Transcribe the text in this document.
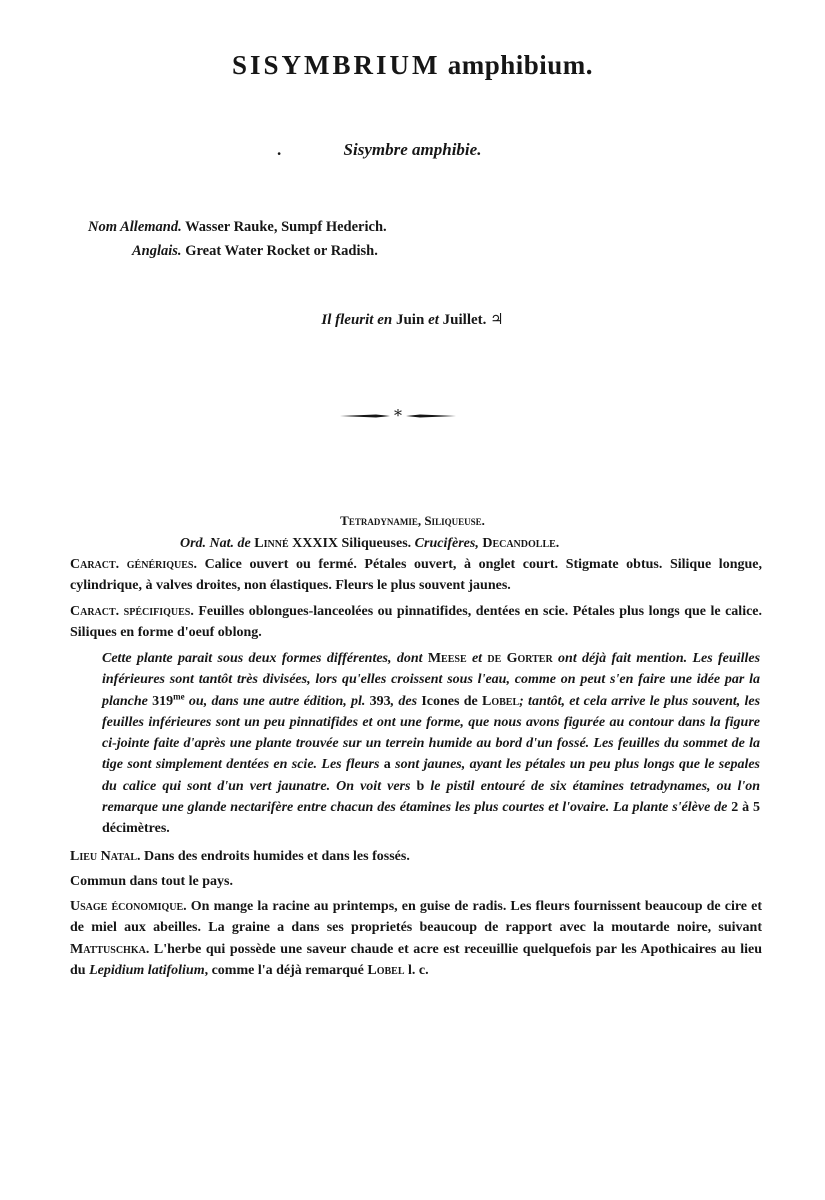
SISYMBRIUM amphibium.
.	Sisymbre amphibie.
Nom Allemand. Wasser Rauke, Sumpf Hederich.
Anglais. Great Water Rocket or Radish.
Il fleurit en Juin et Juillet. ♃
*
Tetradynamie, Siliqueuse.
Ord. Nat. de Linné XXXIX Siliqueuses. Crucifères, Decandolle.
Caract. génériques. Calice ouvert ou fermé. Pétales ouvert, à onglet court. Stigmate obtus. Silique longue, cylindrique, à valves droites, non élastiques. Fleurs le plus souvent jaunes.
Caract. spécifiques. Feuilles oblongues-lanceolées ou pinnatifides, dentées en scie. Pétales plus longs que le calice. Siliques en forme d'oeuf oblong.
Cette plante parait sous deux formes différentes, dont Meese et de Gorter ont déjà fait mention. Les feuilles inférieures sont tantôt très divisées, lors qu'elles croissent sous l'eau, comme on peut s'en faire une idée par la planche $319^{me}$ ou, dans une autre édition, pl. 393, des Icones de Lobel; tantôt, et cela arrive le plus souvent, les feuilles inférieures sont un peu pinnatifides et ont une forme, que nous avons figurée au contour dans la figure ci-jointe faite d'après une plante trouvée sur un terrein humide au bord d'un fossé. Les feuilles du sommet de la tige sont simplement dentées en scie. Les fleurs a sont jaunes, ayant les pétales un peu plus longs que le sepales du calice qui sont d'un vert jaunatre. On voit vers b le pistil entouré de six étamines tetradynames, ou l'on remarque une glande nectarifère entre chacun des étamines les plus courtes et l'ovaire. La plante s'élève de 2 à 5 décimètres.
Lieu Natal. Dans des endroits humides et dans les fossés.
Commun dans tout le pays.
Usage économique. On mange la racine au printemps, en guise de radis. Les fleurs fournissent beaucoup de cire et de miel aux abeilles. La graine a dans ses proprietés beaucoup de rapport avec la moutarde noire, suivant Mattuschka. L'herbe qui possède une saveur chaude et acre est receuillie quelquefois par les Apothicaires au lieu du Lepidium latifolium, comme l'a déjà remarqué Lobel l. c.
